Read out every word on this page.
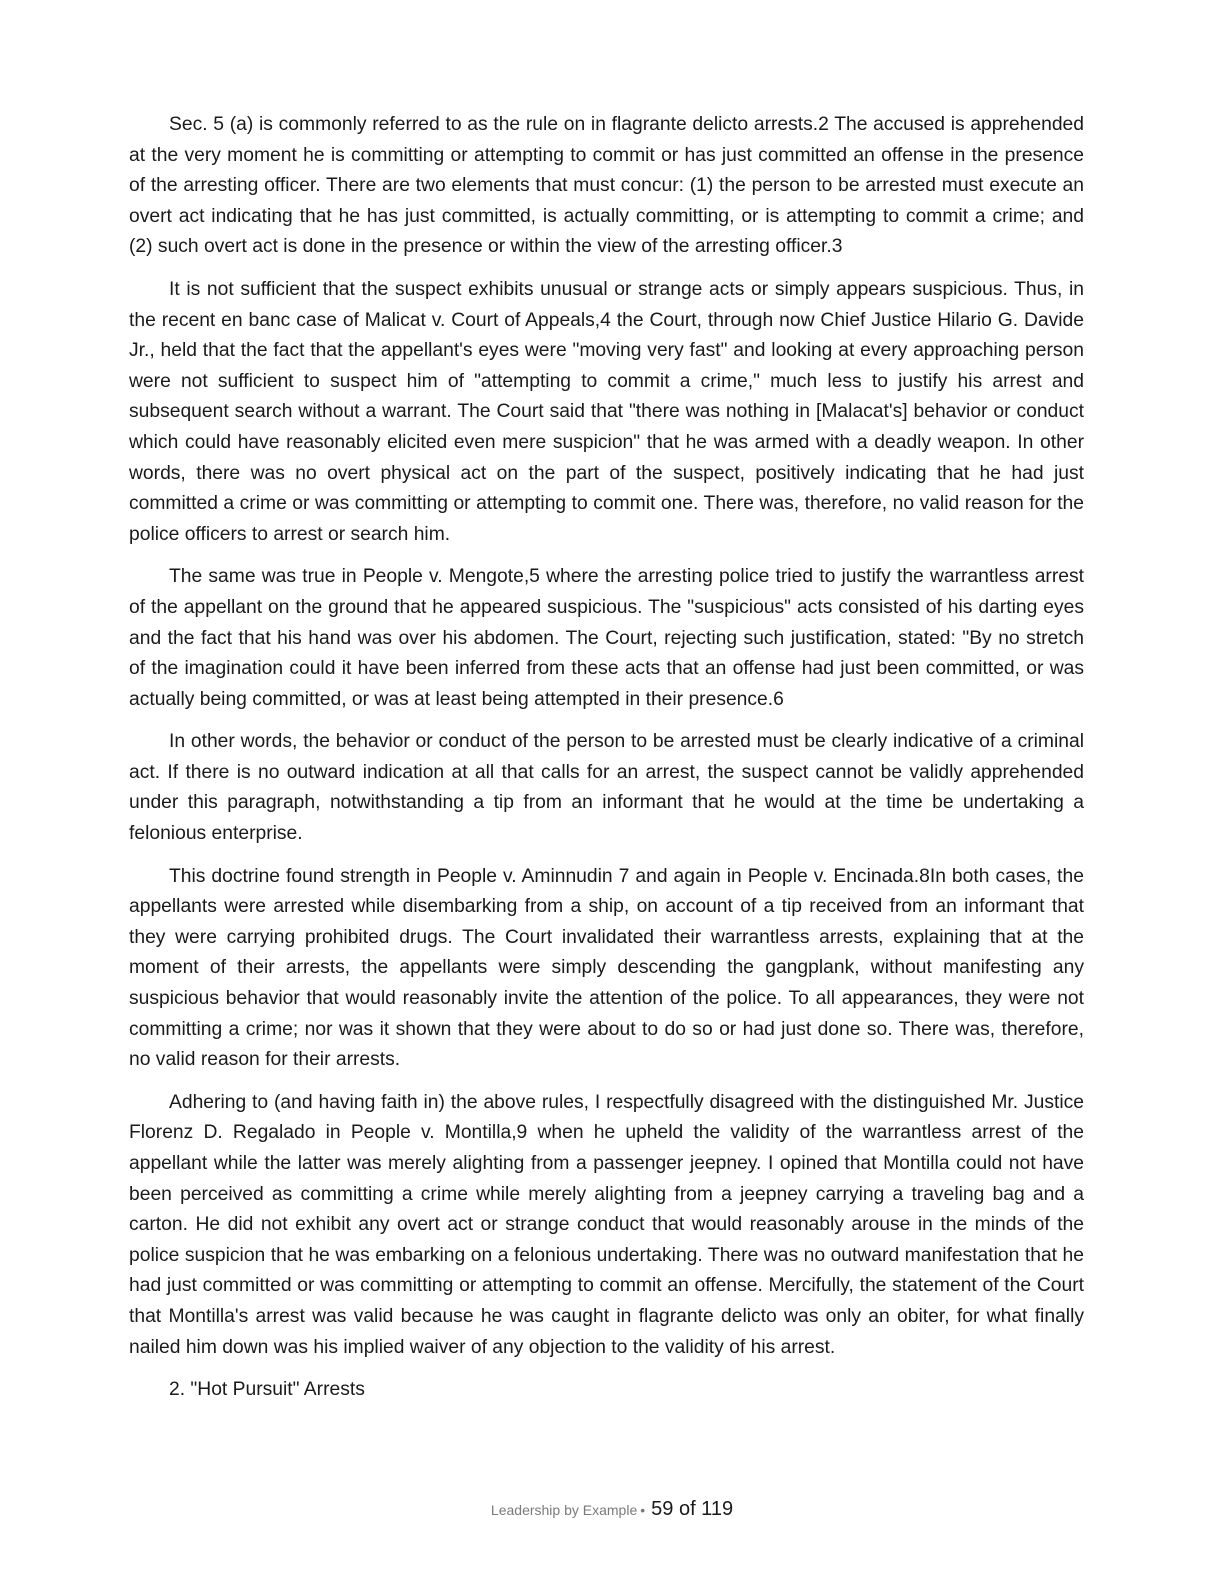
Sec. 5 (a) is commonly referred to as the rule on in flagrante delicto arrests.2 The accused is apprehended at the very moment he is committing or attempting to commit or has just committed an offense in the presence of the arresting officer. There are two elements that must concur: (1) the person to be arrested must execute an overt act indicating that he has just committed, is actually committing, or is attempting to commit a crime; and (2) such overt act is done in the presence or within the view of the arresting officer.3

It is not sufficient that the suspect exhibits unusual or strange acts or simply appears suspicious. Thus, in the recent en banc case of Malicat v. Court of Appeals,4 the Court, through now Chief Justice Hilario G. Davide Jr., held that the fact that the appellant's eyes were "moving very fast" and looking at every approaching person were not sufficient to suspect him of "attempting to commit a crime," much less to justify his arrest and subsequent search without a warrant. The Court said that "there was nothing in [Malacat's] behavior or conduct which could have reasonably elicited even mere suspicion" that he was armed with a deadly weapon. In other words, there was no overt physical act on the part of the suspect, positively indicating that he had just committed a crime or was committing or attempting to commit one. There was, therefore, no valid reason for the police officers to arrest or search him.

The same was true in People v. Mengote,5 where the arresting police tried to justify the warrantless arrest of the appellant on the ground that he appeared suspicious. The "suspicious" acts consisted of his darting eyes and the fact that his hand was over his abdomen. The Court, rejecting such justification, stated: "By no stretch of the imagination could it have been inferred from these acts that an offense had just been committed, or was actually being committed, or was at least being attempted in their presence.6

In other words, the behavior or conduct of the person to be arrested must be clearly indicative of a criminal act. If there is no outward indication at all that calls for an arrest, the suspect cannot be validly apprehended under this paragraph, notwithstanding a tip from an informant that he would at the time be undertaking a felonious enterprise.

This doctrine found strength in People v. Aminnudin 7 and again in People v. Encinada.8In both cases, the appellants were arrested while disembarking from a ship, on account of a tip received from an informant that they were carrying prohibited drugs. The Court invalidated their warrantless arrests, explaining that at the moment of their arrests, the appellants were simply descending the gangplank, without manifesting any suspicious behavior that would reasonably invite the attention of the police. To all appearances, they were not committing a crime; nor was it shown that they were about to do so or had just done so. There was, therefore, no valid reason for their arrests.

Adhering to (and having faith in) the above rules, I respectfully disagreed with the distinguished Mr. Justice Florenz D. Regalado in People v. Montilla,9 when he upheld the validity of the warrantless arrest of the appellant while the latter was merely alighting from a passenger jeepney. I opined that Montilla could not have been perceived as committing a crime while merely alighting from a jeepney carrying a traveling bag and a carton. He did not exhibit any overt act or strange conduct that would reasonably arouse in the minds of the police suspicion that he was embarking on a felonious undertaking. There was no outward manifestation that he had just committed or was committing or attempting to commit an offense. Mercifully, the statement of the Court that Montilla's arrest was valid because he was caught in flagrante delicto was only an obiter, for what finally nailed him down was his implied waiver of any objection to the validity of his arrest.

2. "Hot Pursuit" Arrests

Leadership by Example • 59 of 119
